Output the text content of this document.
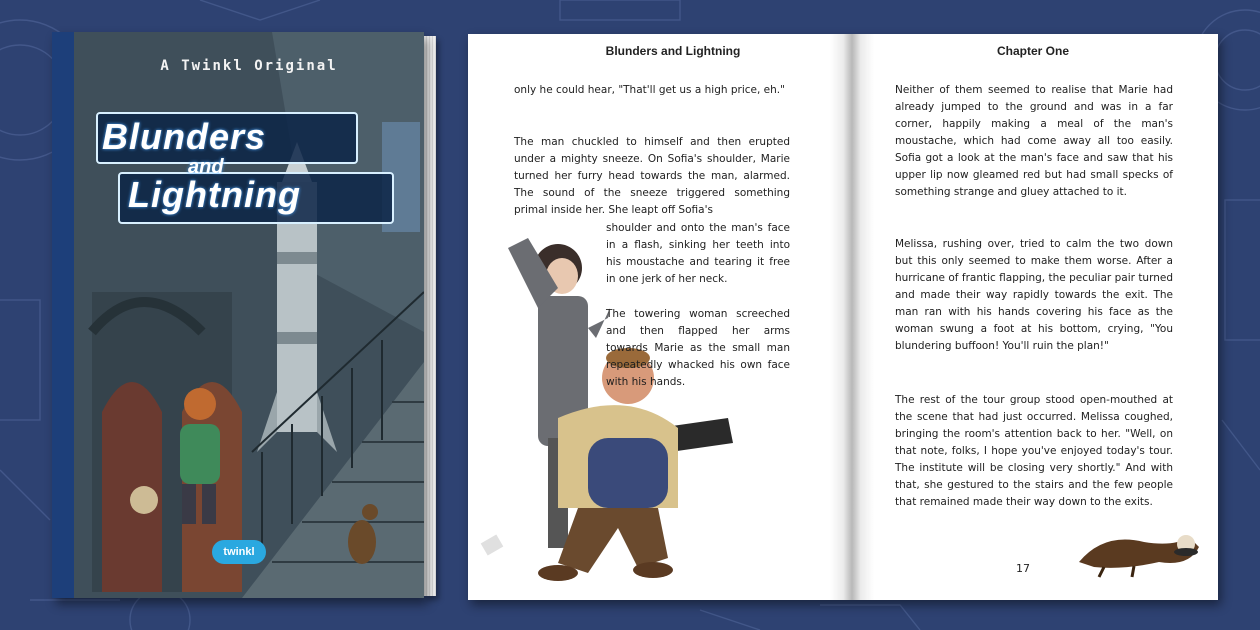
A Twinkl Original
Blunders
and
Lightning
twinkl
Blunders and Lightning

only he could hear, "That'll get us a high price, eh."

The man chuckled to himself and then erupted under a mighty sneeze. On Sofia's shoulder, Marie turned her furry head towards the man, alarmed. The sound of the sneeze triggered something primal inside her. She leapt off Sofia's

shoulder and onto the man's face in a flash, sinking her teeth into his moustache and tearing it free in one jerk of her neck.

The towering woman screeched and then flapped her arms towards Marie as the small man repeatedly whacked his own face with his hands.

Chapter One

Neither of them seemed to realise that Marie had already jumped to the ground and was in a far corner, happily making a meal of the man's moustache, which had come away all too easily. Sofia got a look at the man's face and saw that his upper lip now gleamed red but had small specks of something strange and gluey attached to it.

Melissa, rushing over, tried to calm the two down but this only seemed to make them worse. After a hurricane of frantic flapping, the peculiar pair turned and made their way rapidly towards the exit. The man ran with his hands covering his face as the woman swung a foot at his bottom, crying, "You blundering buffoon! You'll ruin the plan!"

The rest of the tour group stood open-mouthed at the scene that had just occurred. Melissa coughed, bringing the room's attention back to her. "Well, on that note, folks, I hope you've enjoyed today's tour. The institute will be closing very shortly." And with that, she gestured to the stairs and the few people that remained made their way down to the exits.

17
